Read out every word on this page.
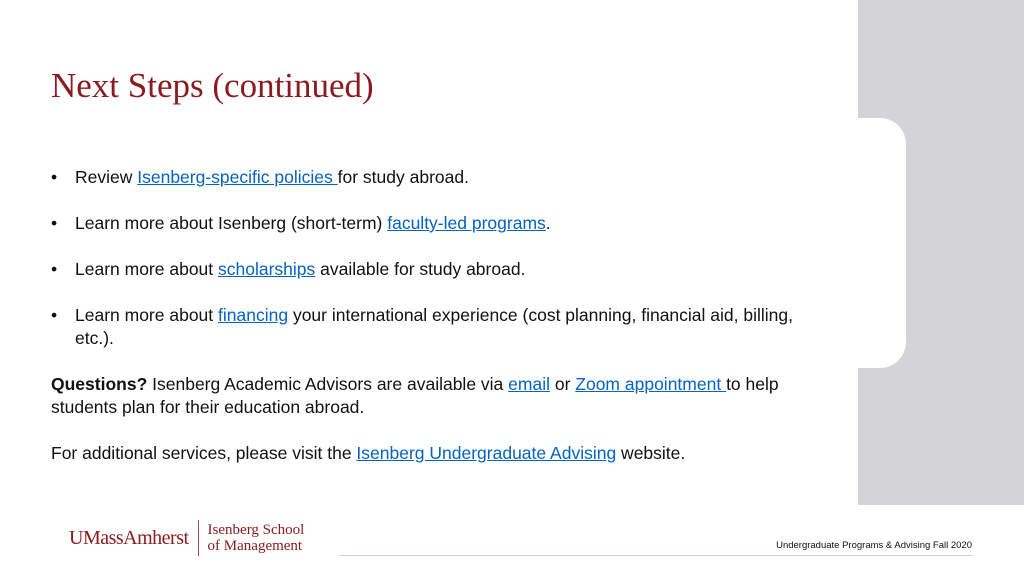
Next Steps (continued)
• Review Isenberg-specific policies for study abroad.
• Learn more about Isenberg (short-term) faculty-led programs.
• Learn more about scholarships available for study abroad.
• Learn more about financing your international experience (cost planning, financial aid, billing, etc.).

Questions? Isenberg Academic Advisors are available via email or Zoom appointment to help students plan for their education abroad.

For additional services, please visit the Isenberg Undergraduate Advising website.

UMassAmherst Isenberg School
of Management	Undergraduate Programs & Advising Fall 2020
